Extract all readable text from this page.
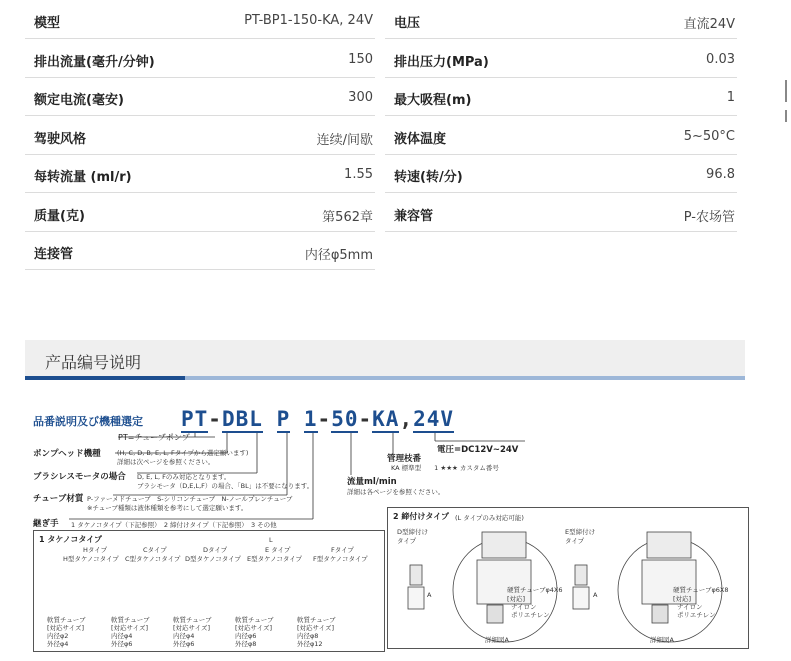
模型	PT-BP1-150-KA, 24V 电压	直流24V
排出流量(毫升/分钟)	150 排出压力(MPa)	0.03
额定电流(毫安)	300 最大吸程(m)	1
驾驶风格	连续/间歇 液体温度	5~50°C
每转流量 (ml/r)	1.55 转速(转/分)	96.8
质量(克)	第562章 兼容管	P-农场管
连接管	内径φ5mm
产品编号说明
品番説明及び機種選定 PT-DBL P 1-50-KA,24V
PT=チューブポンプ
ポンプヘッド機種	(H, C, D, B, E, L, Fタイプから選定願います)
詳細は次ページを参照ください。
ブラシレスモータの場合 D, E, L, Fのみ対応となります。
ブラシモータ（D,E,L,F）の場合、「BL」は不要になります。
チューブ材質 P-ファーメドチューブ　S-シリコンチューブ　N-ノールプレンチューブ
※チューブ種類は液体種類を参考にして選定願います。
流量ml/min
詳細は各ページを参照ください。
管理枝番
KA 標準型　　1 ★★★ カスタム番号
電圧=DC12V~24V
継ぎ手 1 タケノコタイプ（下記参照）　2 締付けタイプ（下記参照）　3 その他
1 タケノコタイプ
Hタイプ
H型タケノコタイプ
Cタイプ
C型タケノコタイプ
Dタイプ
D型タケノコタイプ
L
E タイプ
E型タケノコタイプ
Fタイプ
F型タケノコタイプ
軟質チューブ
[対応サイズ]
内径φ2
外径φ4
軟質チューブ
[対応サイズ]
内径φ4
外径φ6
軟質チューブ
[対応サイズ]
内径φ4
外径φ6
軟質チューブ
[対応サイズ]
内径φ6
外径φ8
軟質チューブ
[対応サイズ]
内径φ8
外径φ12
2 締付けタイプ (L タイプのみ対応可能)
D型締付け
タイプ
E型締付け
タイプ
A	A
硬質チューブφ4X6
[対応]
ナイロン
ポリエチレン
詳細図A
硬質チューブφ6X8
[対応]
ナイロン
ポリエチレン
詳細図A
